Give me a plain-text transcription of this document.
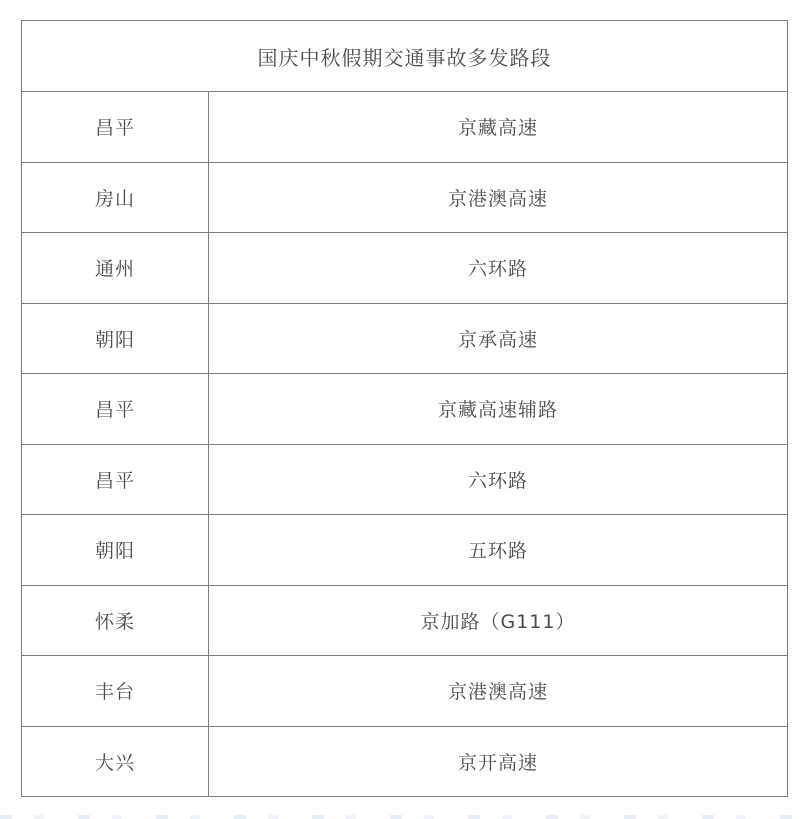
国庆中秋假期交通事故多发路段
昌平	京藏高速
房山	京港澳高速
通州	六环路
朝阳	京承高速
昌平	京藏高速辅路
昌平	六环路
朝阳	五环路
怀柔	京加路（G111）
丰台	京港澳高速
大兴	京开高速
